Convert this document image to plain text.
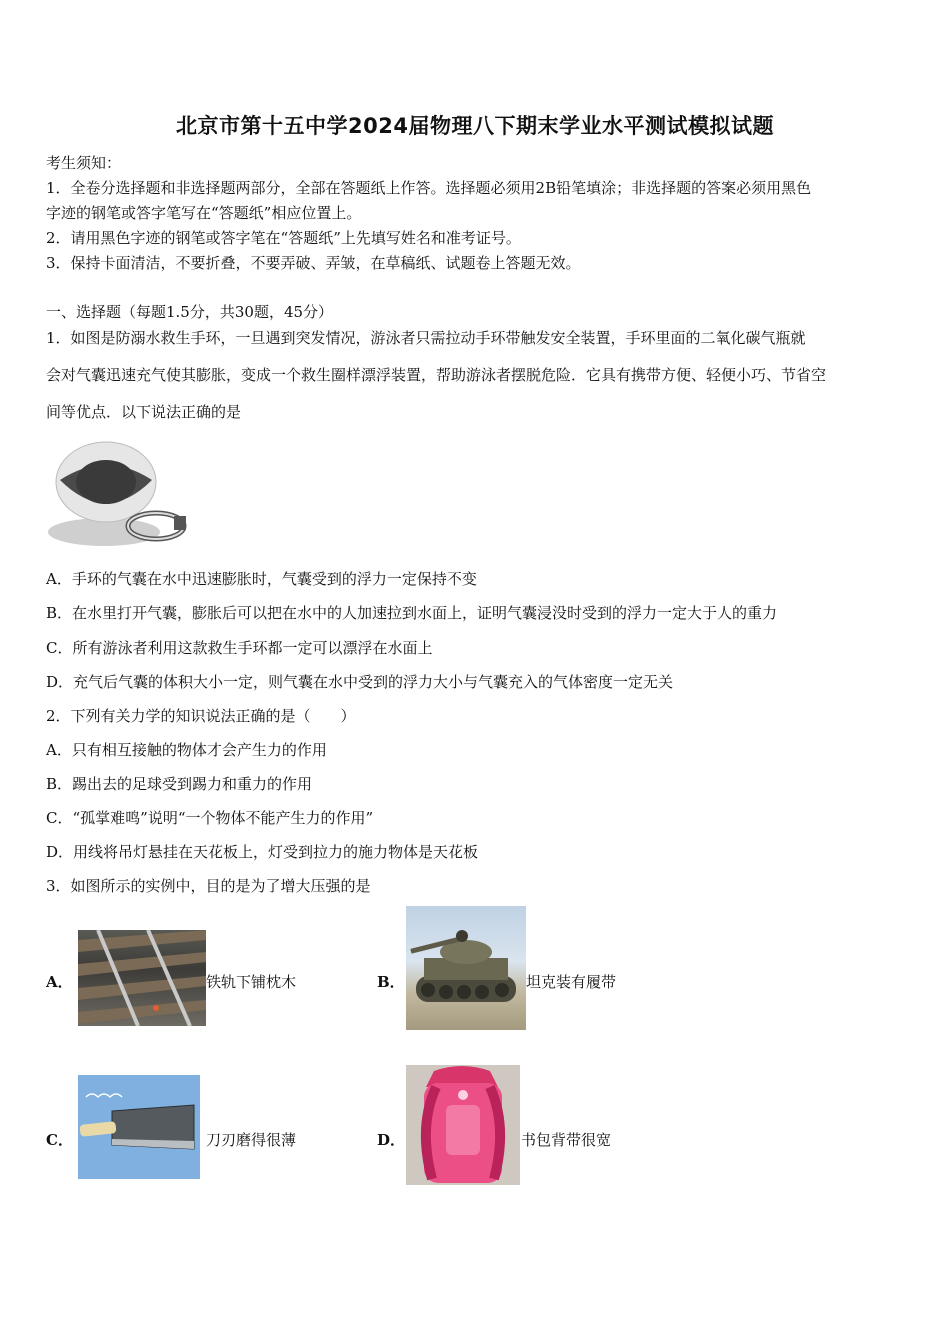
北京市第十五中学2024届物理八下期末学业水平测试模拟试题
考生须知：
1．全卷分选择题和非选择题两部分，全部在答题纸上作答。选择题必须用2B铅笔填涂；非选择题的答案必须用黑色
字迹的钢笔或答字笔写在“答题纸”相应位置上。
2．请用黑色字迹的钢笔或答字笔在“答题纸”上先填写姓名和准考证号。
3．保持卡面清洁，不要折叠，不要弄破、弄皱，在草稿纸、试题卷上答题无效。
一、选择题（每题1.5分，共30题，45分）
1．如图是防溺水救生手环，一旦遇到突发情况，游泳者只需拉动手环带触发安全装置，手环里面的二氧化碳气瓶就
会对气囊迅速充气使其膨胀，变成一个救生圈样漂浮装置，帮助游泳者摆脱危险．它具有携带方便、轻便小巧、节省空
间等优点．以下说法正确的是
A．手环的气囊在水中迅速膨胀时，气囊受到的浮力一定保持不变
B．在水里打开气囊，膨胀后可以把在水中的人加速拉到水面上，证明气囊浸没时受到的浮力一定大于人的重力
C．所有游泳者利用这款救生手环都一定可以漂浮在水面上
D．充气后气囊的体积大小一定，则气囊在水中受到的浮力大小与气囊充入的气体密度一定无关
2．下列有关力学的知识说法正确的是（　　）
A．只有相互接触的物体才会产生力的作用
B．踢出去的足球受到踢力和重力的作用
C．“孤掌难鸣”说明“一个物体不能产生力的作用”
D．用线将吊灯悬挂在天花板上，灯受到拉力的施力物体是天花板
3．如图所示的实例中，目的是为了增大压强的是
A．	铁轨下铺枕木	B．	坦克装有履带
C．	刀刃磨得很薄	D．	书包背带很宽
